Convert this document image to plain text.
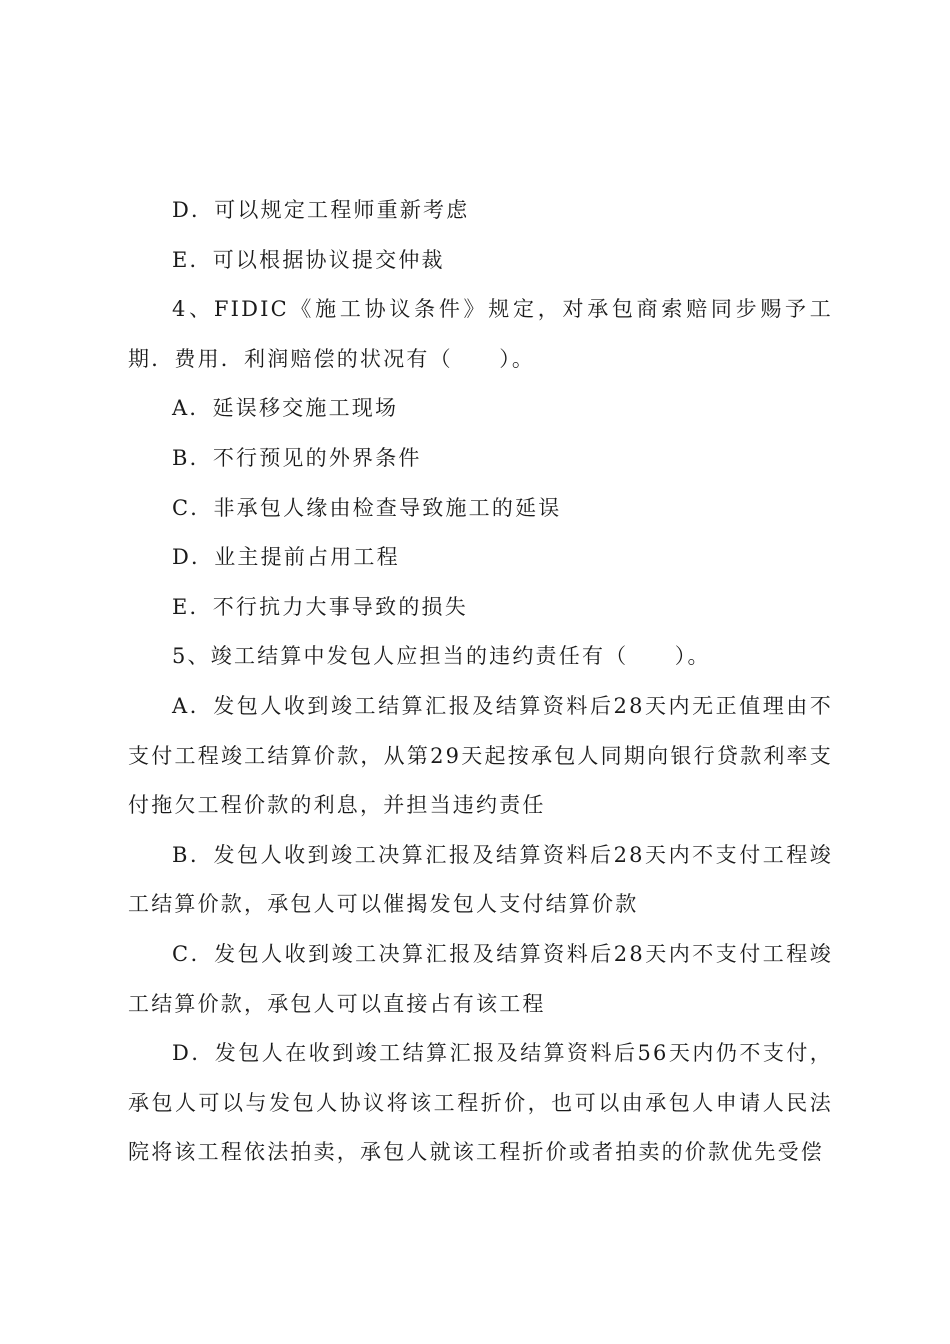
D．可以规定工程师重新考虑

E．可以根据协议提交仲裁

4、FIDIC《施工协议条件》规定，对承包商索赔同步赐予工期．费用．利润赔偿的状况有（　　）。

A．延误移交施工现场

B．不行预见的外界条件

C．非承包人缘由检查导致施工的延误

D．业主提前占用工程

E．不行抗力大事导致的损失

5、竣工结算中发包人应担当的违约责任有（　　）。

A．发包人收到竣工结算汇报及结算资料后28天内无正值理由不支付工程竣工结算价款，从第29天起按承包人同期向银行贷款利率支付拖欠工程价款的利息，并担当违约责任

B．发包人收到竣工决算汇报及结算资料后28天内不支付工程竣工结算价款，承包人可以催揭发包人支付结算价款

C．发包人收到竣工决算汇报及结算资料后28天内不支付工程竣工结算价款，承包人可以直接占有该工程

D．发包人在收到竣工结算汇报及结算资料后56天内仍不支付，承包人可以与发包人协议将该工程折价，也可以由承包人申请人民法院将该工程依法拍卖，承包人就该工程折价或者拍卖的价款优先受偿
